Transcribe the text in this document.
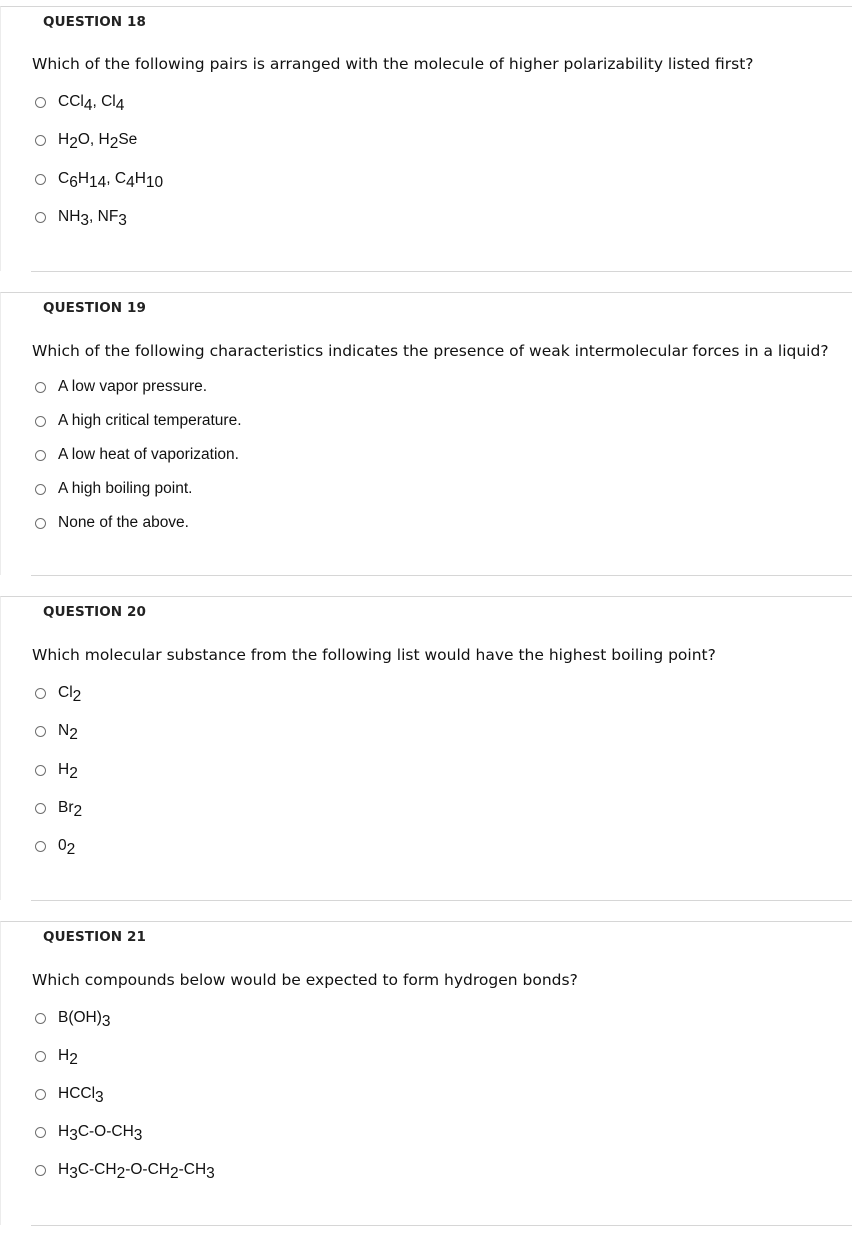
QUESTION 18
Which of the following pairs is arranged with the molecule of higher polarizability listed first?
CCl$_4$, $Cl_4$
$H_2O$, $H_2Se$
$C_6H_{14}$, $C_4H_{10}$
$NH_3$, $NF_3$
QUESTION 19
Which of the following characteristics indicates the presence of weak intermolecular forces in a liquid?
A low vapor pressure.
A high critical temperature.
A low heat of vaporization.
A high boiling point.
None of the above.
QUESTION 20
Which molecular substance from the following list would have the highest boiling point?
$Cl_2$
$N_2$
$H_2$
$Br_2$
$0_2$
QUESTION 21
Which compounds below would be expected to form hydrogen bonds?
$B(OH)_3$
$H_2$
HCCl$_3$
$H_3C-O-CH_3$
$H_3C-CH_2-O-CH_2-CH_3$
